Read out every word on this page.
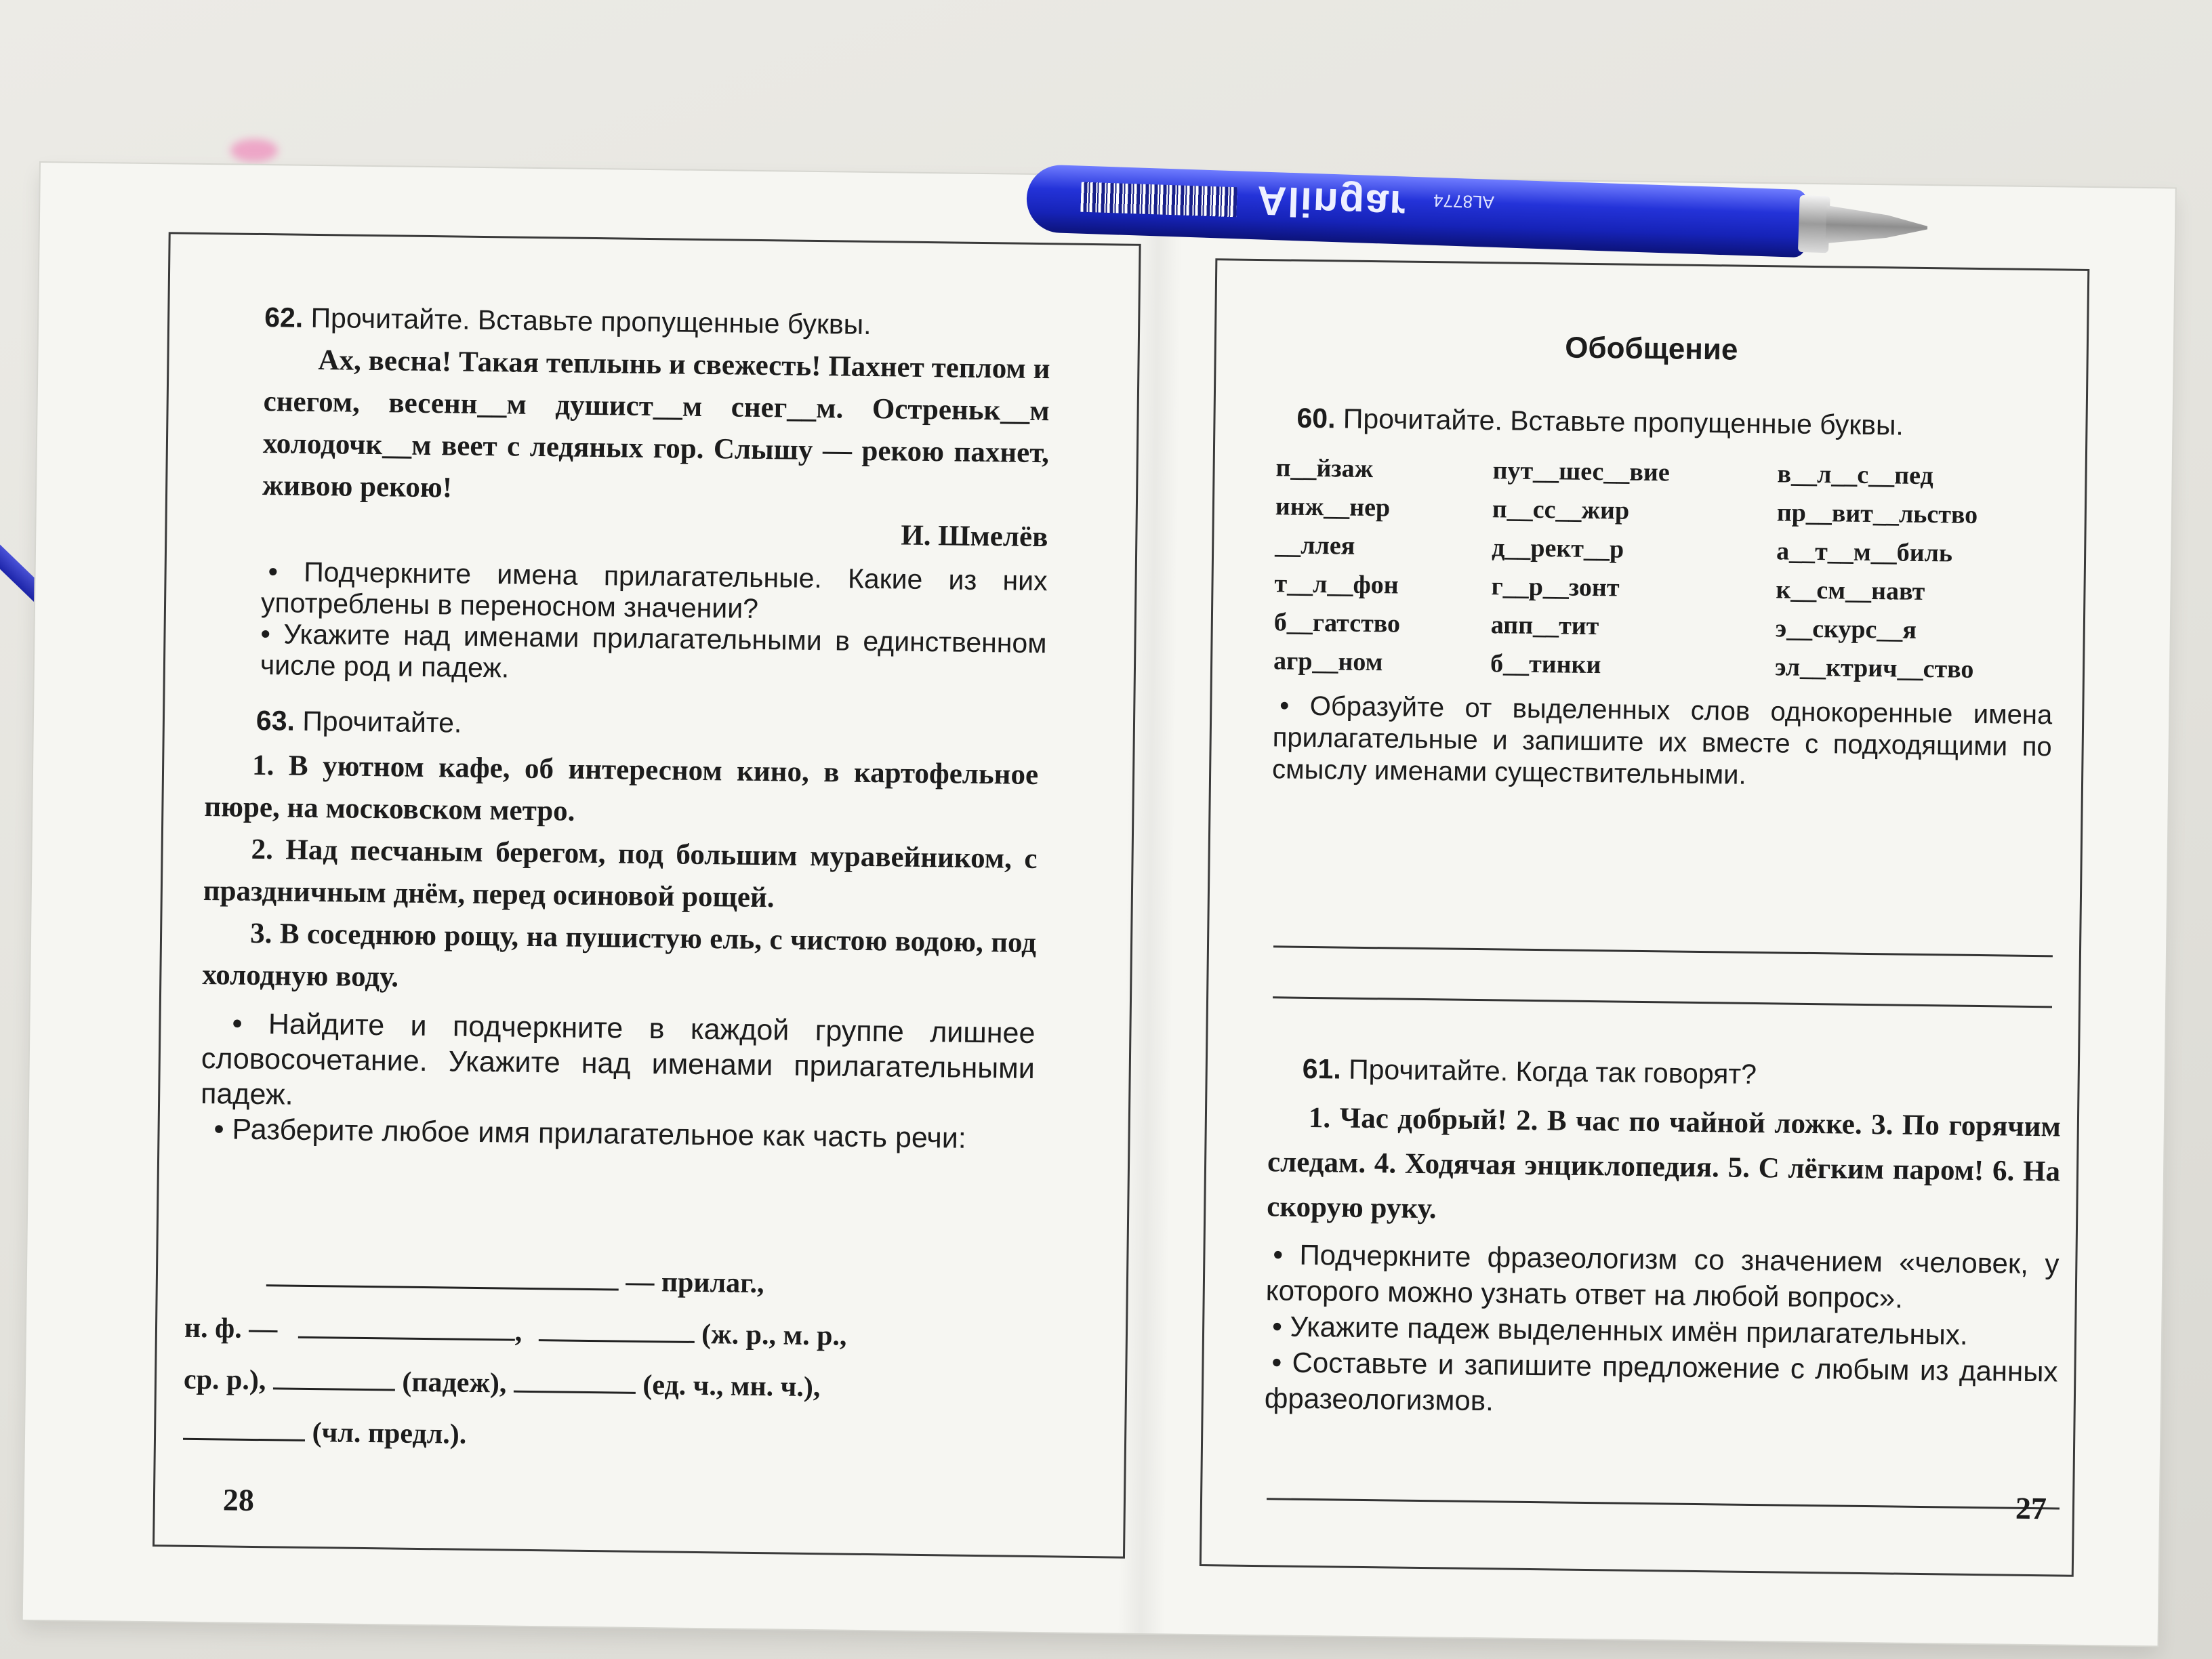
62. Прочитайте. Вставьте пропущенные буквы.

Ах, весна! Такая теплынь и свежесть! Пахнет теплом и снегом, весенн__м душист__м снег__м. Остреньк__м холодочк__м веет с ледяных гор. Слышу — рекою пахнет, живою рекою!

И. Шмелёв

• Подчеркните имена прилагательные. Какие из них употреблены в переносном значении?

• Укажите над именами прилагательными в единственном числе род и падеж.

63. Прочитайте.

1. В уютном кафе, об интересном кино, в картофельное пюре, на московском метро.

2. Над песчаным берегом, под большим муравейником, с праздничным днём, перед осиновой рощей.

3. В соседнюю рощу, на пушистую ель, с чистою водою, под холодную воду.

• Найдите и подчеркните в каждой группе лишнее словосочетание. Укажите над именами прилагательными падеж.

• Разберите любое имя прилагательное как часть речи:

— прилаг.,
н. ф. —	,	(ж. р., м. р.,
ср. р.),	(падеж),	(ед. ч., мн. ч.),
(чл. предл.).
28
Обобщение

60. Прочитайте. Вставьте пропущенные буквы.

п__йзаж	пут__шес__вие	в__л__с__пед
инж__нер	п__сс__жир	пр__вит__льство
__ллея	д__рект__р	а__т__м__биль
т__л__фон	г__р__зонт	к__см__навт
б__гатство	апп__тит	э__скурс__я
агр__ном	б__тинки	эл__ктрич__ство

• Образуйте от выделенных слов однокоренные имена прилагательные и запишите их вместе с подходящими по смыслу именами существительными.

61. Прочитайте. Когда так говорят?

1. Час добрый! 2. В час по чайной ложке. 3. По горячим следам. 4. Ходячая энциклопедия. 5. С лёгким паром! 6. На скорую руку.

• Подчеркните фразеологизм со значением «человек, у которого можно узнать ответ на любой вопрос».

• Укажите падеж выделенных имён прилагательных.

• Составьте и запишите предложение с любым из данных фразеологизмов.

27
Alingar AL8774
